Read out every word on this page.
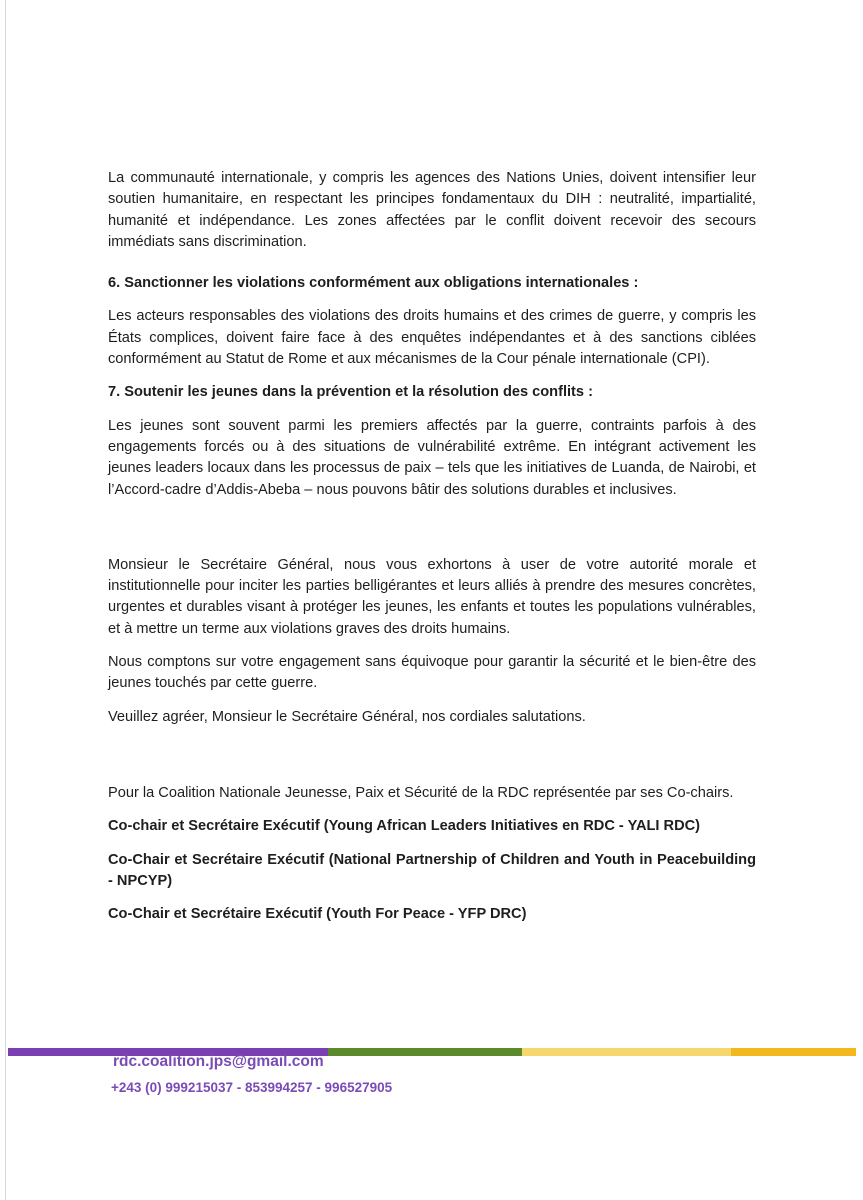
La communauté internationale, y compris les agences des Nations Unies, doivent intensifier leur soutien humanitaire, en respectant les principes fondamentaux du DIH : neutralité, impartialité, humanité et indépendance. Les zones affectées par le conflit doivent recevoir des secours immédiats sans discrimination.

6. Sanctionner les violations conformément aux obligations internationales :

Les acteurs responsables des violations des droits humains et des crimes de guerre, y compris les États complices, doivent faire face à des enquêtes indépendantes et à des sanctions ciblées conformément au Statut de Rome et aux mécanismes de la Cour pénale internationale (CPI).

7. Soutenir les jeunes dans la prévention et la résolution des conflits :

Les jeunes sont souvent parmi les premiers affectés par la guerre, contraints parfois à des engagements forcés ou à des situations de vulnérabilité extrême. En intégrant activement les jeunes leaders locaux dans les processus de paix – tels que les initiatives de Luanda, de Nairobi, et l’Accord-cadre d’Addis-Abeba – nous pouvons bâtir des solutions durables et inclusives.

Monsieur le Secrétaire Général, nous vous exhortons à user de votre autorité morale et institutionnelle pour inciter les parties belligérantes et leurs alliés à prendre des mesures concrètes, urgentes et durables visant à protéger les jeunes, les enfants et toutes les populations vulnérables, et à mettre un terme aux violations graves des droits humains.

Nous comptons sur votre engagement sans équivoque pour garantir la sécurité et le bien-être des jeunes touchés par cette guerre.

Veuillez agréer, Monsieur le Secrétaire Général, nos cordiales salutations.

Pour la Coalition Nationale Jeunesse, Paix et Sécurité de la RDC représentée par ses Co-chairs.

Co-chair et Secrétaire Exécutif (Young African Leaders Initiatives en RDC - YALI RDC)

Co-Chair et Secrétaire Exécutif (National Partnership of Children and Youth in Peacebuilding - NPCYP)

Co-Chair et Secrétaire Exécutif (Youth For Peace - YFP DRC)

rdc.coalition.jps@gmail.com
+243 (0) 999215037 - 853994257 - 996527905
